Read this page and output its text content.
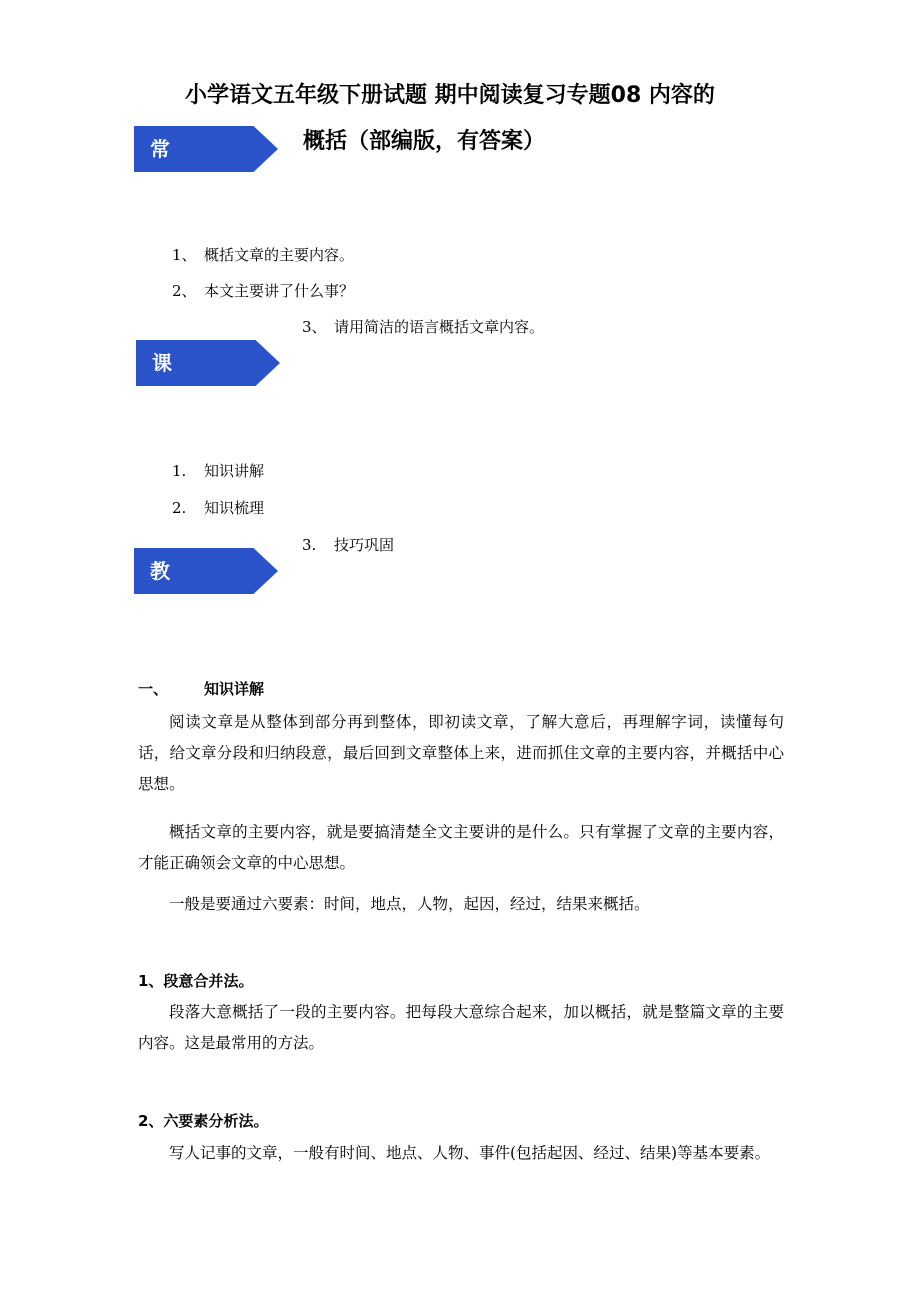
小学语文五年级下册试题 期中阅读复习专题08 内容的
概括（部编版，有答案）
常考题型
1、 概括文章的主要内容。
2、 本文主要讲了什么事？
3、 请用简洁的语言概括文章内容。
课程框架
1. 知识讲解
2. 知识梳理
3. 技巧巩固
教学环节
一、 知识详解
阅读文章是从整体到部分再到整体，即初读文章，了解大意后，再理解字词，读懂每句话，给文章分段和归纳段意，最后回到文章整体上来，进而抓住文章的主要内容，并概括中心思想。
概括文章的主要内容，就是要搞清楚全文主要讲的是什么。只有掌握了文章的主要内容，才能正确领会文章的中心思想。
一般是要通过六要素：时间，地点，人物，起因，经过，结果来概括。
1、段意合并法。
段落大意概括了一段的主要内容。把每段大意综合起来，加以概括，就是整篇文章的主要内容。这是最常用的方法。
2、六要素分析法。
写人记事的文章，一般有时间、地点、人物、事件(包括起因、经过、结果)等基本要素。
